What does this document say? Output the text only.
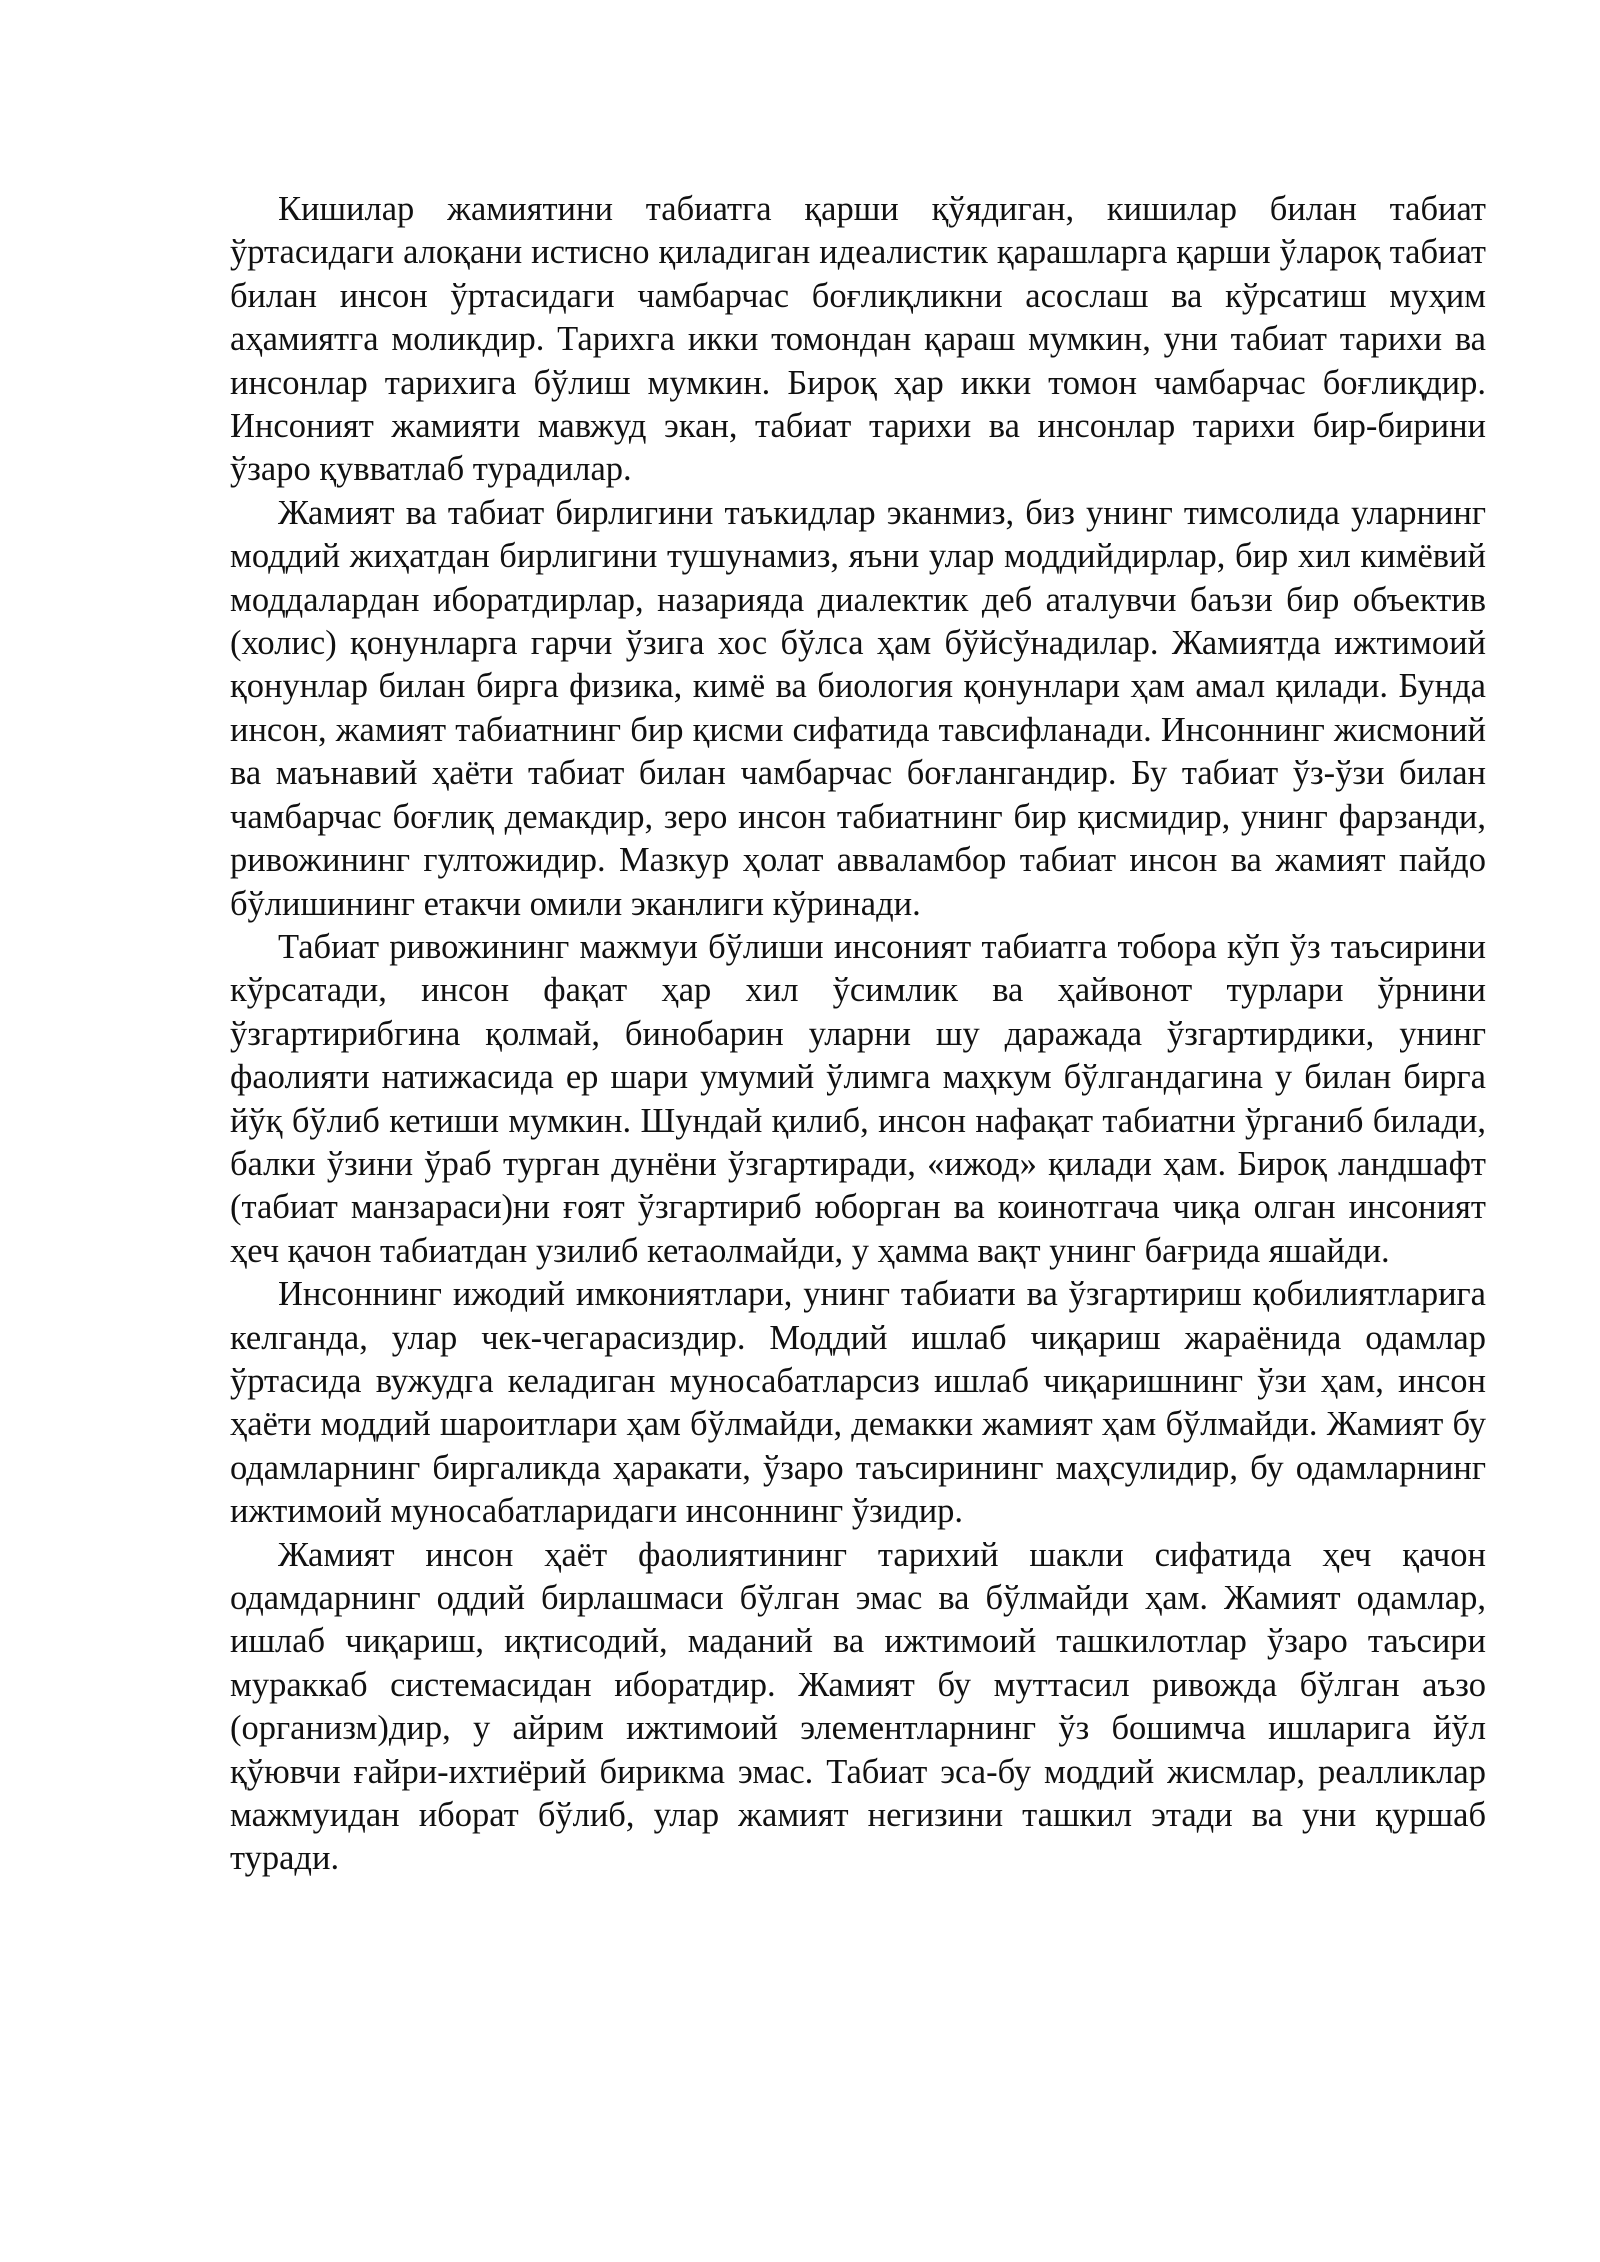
Кишилар жамиятини табиатга қарши қўядиган, кишилар билан табиат ўртасидаги алоқани истисно қиладиган идеалистик қарашларга қарши ўлароқ табиат билан инсон ўртасидаги чамбарчас боғлиқликни асослаш ва кўрсатиш муҳим аҳамиятга моликдир. Тарихга икки томондан қараш мумкин, уни табиат тарихи ва инсонлар тарихига бўлиш мумкин. Бироқ ҳар икки томон чамбарчас боғлиқдир. Инсоният жамияти мавжуд экан, табиат тарихи ва инсонлар тарихи бир-бирини ўзаро қувватлаб турадилар.

Жамият ва табиат бирлигини таъкидлар эканмиз, биз унинг тимсолида уларнинг моддий жиҳатдан бирлигини тушунамиз, яъни улар моддийдирлар, бир хил кимёвий моддалардан иборатдирлар, назарияда диалектик деб аталувчи баъзи бир объектив (холис) қонунларга гарчи ўзига хос бўлса ҳам бўйсўнадилар. Жамиятда ижтимоий қонунлар билан бирга физика, кимё ва биология қонунлари ҳам амал қилади. Бунда инсон, жамият табиатнинг бир қисми сифатида тавсифланади. Инсоннинг жисмоний ва маънавий ҳаёти табиат билан чамбарчас боғлангандир. Бу табиат ўз-ўзи билан чамбарчас боғлиқ демакдир, зеро инсон табиатнинг бир қисмидир, унинг фарзанди, ривожининг гултожидир. Мазкур ҳолат аввaламбор табиат инсон ва жамият пайдо бўлишининг етакчи омили эканлиги кўринади.

Табиат ривожининг мажмуи бўлиши инсоният табиатга тобора кўп ўз таъсирини кўрсатади, инсон фақат ҳар хил ўсимлик ва ҳайвонот турлари ўрнини ўзгартирибгина қолмай, бинобарин уларни шу даражада ўзгартирдики, унинг фаолияти натижасида ер шари умумий ўлимга маҳкум бўлгандагина у билан бирга йўқ бўлиб кетиши мумкин. Шундай қилиб, инсон нафақат табиатни ўрганиб билади, балки ўзини ўраб турган дунёни ўзгартиради, «ижод» қилади ҳам. Бироқ ландшафт (табиат манзараси)ни ғоят ўзгартириб юборган ва коинотгача чиқа олган инсоният ҳеч қачон табиатдан узилиб кетаолмайди, у ҳамма вақт унинг бағрида яшайди.

Инсоннинг ижодий имкониятлари, унинг табиати ва ўзгартириш қобилиятларига келганда, улар чек-чегарасиздир. Моддий ишлаб чиқариш жараёнида одамлар ўртасида вужудга келадиган муносабатларсиз ишлаб чиқаришнинг ўзи ҳам, инсон ҳаёти моддий шароитлари ҳам бўлмайди, демакки жамият ҳам бўлмайди. Жамият бу одамларнинг биргаликда ҳаракати, ўзаро таъсирининг маҳсулидир, бу одамларнинг ижтимоий муносабатларидаги инсоннинг ўзидир.

Жамият инсон ҳаёт фаолиятининг тарихий шакли сифатида ҳеч қачон одамдарнинг оддий бирлашмаси бўлган эмас ва бўлмайди ҳам. Жамият одамлар, ишлаб чиқариш, иқтисодий, маданий ва ижтимоий ташкилотлар ўзаро таъсири мураккаб системасидан иборатдир. Жамият бу муттасил ривожда бўлган аъзо (организм)дир, у айрим ижтимоий элементларнинг ўз бошимча ишларига йўл қўювчи ғайри-ихтиёрий бирикма эмас. Табиат эса-бу моддий жисмлар, реалликлар мажмуидан иборат бўлиб, улар жамият негизини ташкил этади ва уни қуршаб туради.
